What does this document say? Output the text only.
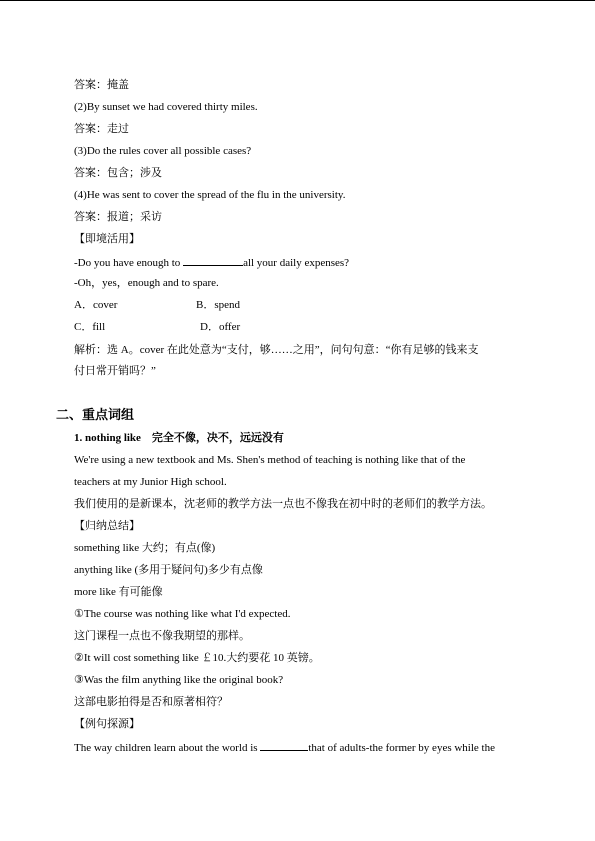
答案：掩盖
(2)By sunset we had covered thirty miles.
答案：走过
(3)Do the rules cover all possible cases?
答案：包含；涉及
(4)He was sent to cover the spread of the flu in the university.
答案：报道；采访
【即境活用】
-Do you have enough to	all your daily expenses?
-Oh，yes，enough and to spare.
A．cover	B．spend
C．fill	D．offer
解析：选 A。cover 在此处意为“支付，够……之用”，问句句意：“你有足够的钱来支
付日常开销吗？”
二、重点词组
1. nothing like　完全不像，决不，远远没有
We're using a new textbook and Ms. Shen's method of teaching is nothing like that of the
teachers at my Junior High school.
我们使用的是新课本，沈老师的教学方法一点也不像我在初中时的老师们的教学方法。
【归纳总结】
something like 大约；有点(像)
anything like (多用于疑问句)多少有点像
more like 有可能像
①The course was nothing like what I'd expected.
这门课程一点也不像我期望的那样。
②It will cost something like ￡10.大约要花 10 英镑。
③Was the film anything like the original book?
这部电影拍得是否和原著相符？
【例句探源】
The way children learn about the world is	that of adults-the former by eyes while the
